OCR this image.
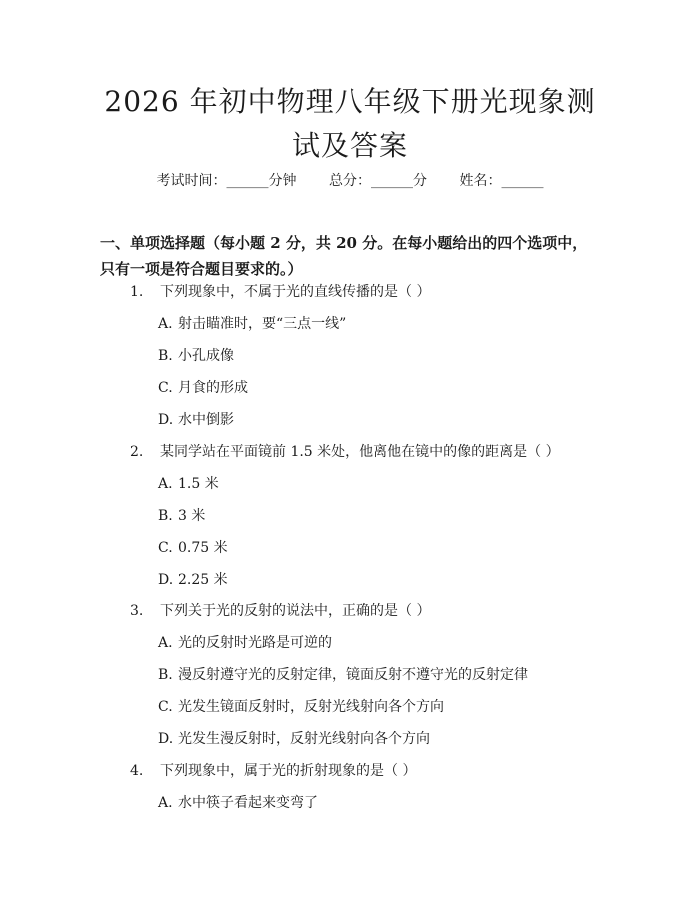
2026 年初中物理八年级下册光现象测试及答案
考试时间：______分钟 总分：______分 姓名：______
一、单项选择题（每小题 2 分，共 20 分。在每小题给出的四个选项中，只有一项是符合题目要求的。）
1. 下列现象中，不属于光的直线传播的是（ ）
A. 射击瞄准时，要“三点一线”
B. 小孔成像
C. 月食的形成
D. 水中倒影
2. 某同学站在平面镜前 1.5 米处，他离他在镜中的像的距离是（ ）
A. 1.5 米
B. 3 米
C. 0.75 米
D. 2.25 米
3. 下列关于光的反射的说法中，正确的是（ ）
A. 光的反射时光路是可逆的
B. 漫反射遵守光的反射定律，镜面反射不遵守光的反射定律
C. 光发生镜面反射时，反射光线射向各个方向
D. 光发生漫反射时，反射光线射向各个方向
4. 下列现象中，属于光的折射现象的是（ ）
A. 水中筷子看起来变弯了
